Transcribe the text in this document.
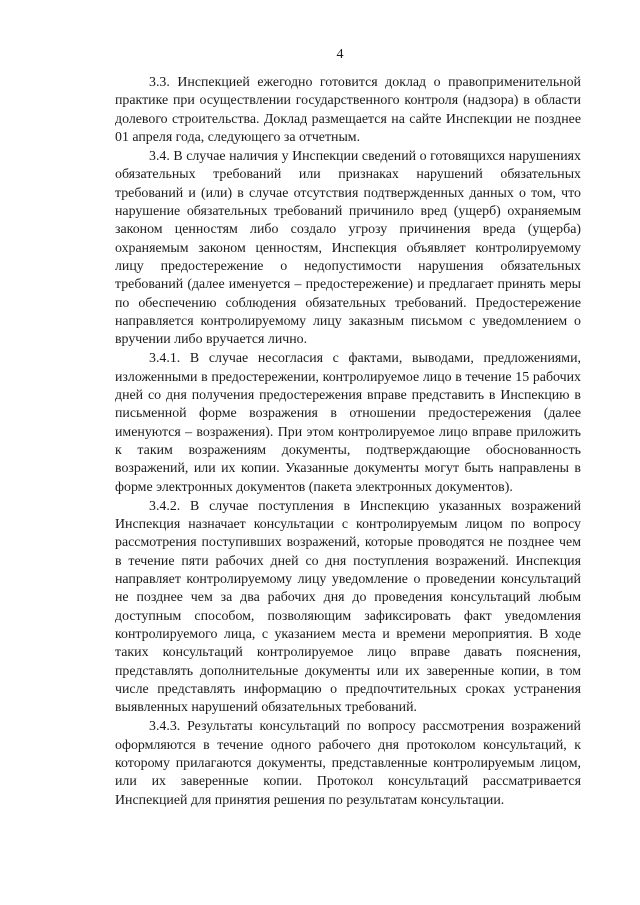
4

3.3. Инспекцией ежегодно готовится доклад о правоприменительной практике при осуществлении государственного контроля (надзора) в области долевого строительства. Доклад размещается на сайте Инспекции не позднее 01 апреля года, следующего за отчетным.

3.4. В случае наличия у Инспекции сведений о готовящихся нарушениях обязательных требований или признаках нарушений обязательных требований и (или) в случае отсутствия подтвержденных данных о том, что нарушение обязательных требований причинило вред (ущерб) охраняемым законом ценностям либо создало угрозу причинения вреда (ущерба) охраняемым законом ценностям, Инспекция объявляет контролируемому лицу предостережение о недопустимости нарушения обязательных требований (далее именуется – предостережение) и предлагает принять меры по обеспечению соблюдения обязательных требований. Предостережение направляется контролируемому лицу заказным письмом с уведомлением о вручении либо вручается лично.

3.4.1. В случае несогласия с фактами, выводами, предложениями, изложенными в предостережении, контролируемое лицо в течение 15 рабочих дней со дня получения предостережения вправе представить в Инспекцию в письменной форме возражения в отношении предостережения (далее именуются – возражения). При этом контролируемое лицо вправе приложить к таким возражениям документы, подтверждающие обоснованность возражений, или их копии. Указанные документы могут быть направлены в форме электронных документов (пакета электронных документов).

3.4.2. В случае поступления в Инспекцию указанных возражений Инспекция назначает консультации с контролируемым лицом по вопросу рассмотрения поступивших возражений, которые проводятся не позднее чем в течение пяти рабочих дней со дня поступления возражений. Инспекция направляет контролируемому лицу уведомление о проведении консультаций не позднее чем за два рабочих дня до проведения консультаций любым доступным способом, позволяющим зафиксировать факт уведомления контролируемого лица, с указанием места и времени мероприятия. В ходе таких консультаций контролируемое лицо вправе давать пояснения, представлять дополнительные документы или их заверенные копии, в том числе представлять информацию о предпочтительных сроках устранения выявленных нарушений обязательных требований.

3.4.3. Результаты консультаций по вопросу рассмотрения возражений оформляются в течение одного рабочего дня протоколом консультаций, к которому прилагаются документы, представленные контролируемым лицом, или их заверенные копии. Протокол консультаций рассматривается Инспекцией для принятия решения по результатам консультации.
